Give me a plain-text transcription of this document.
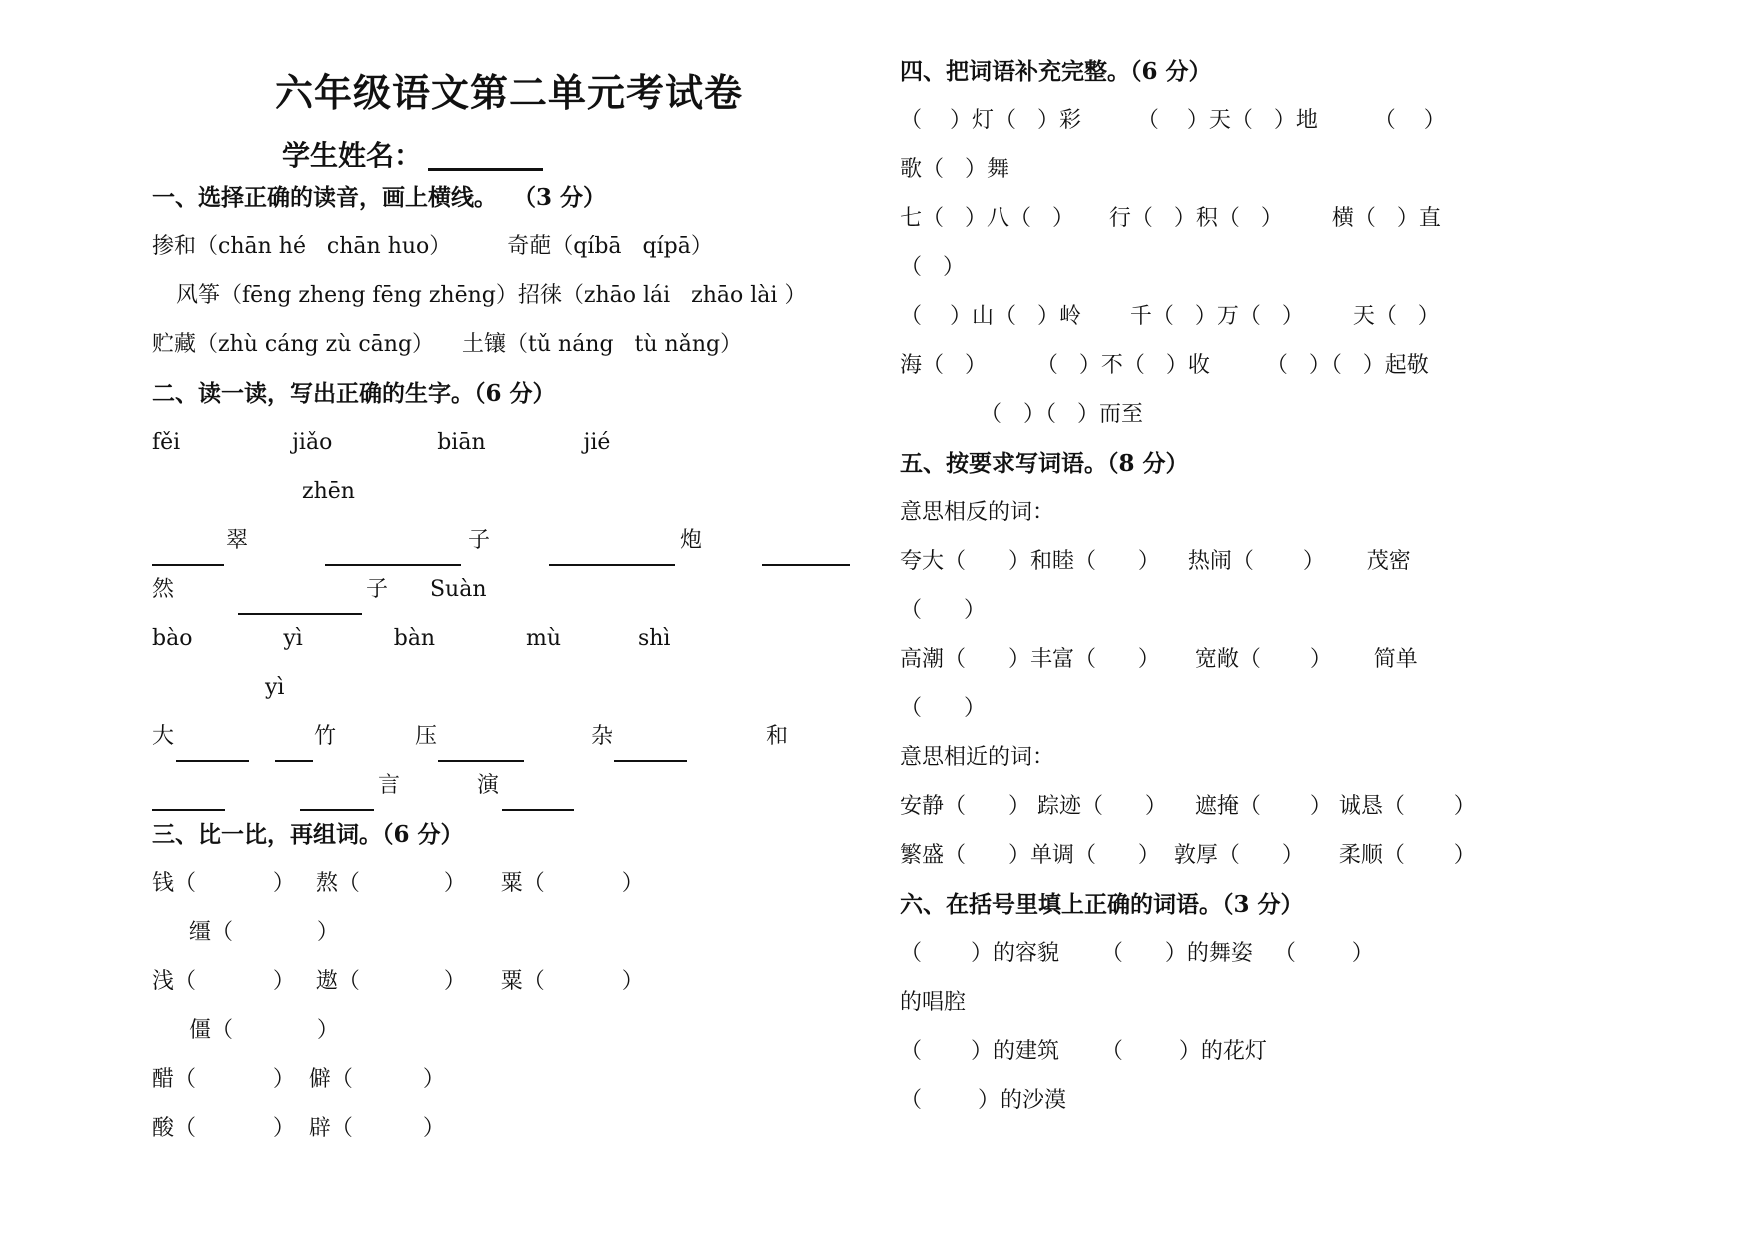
六年级语文第二单元考试卷
学生姓名：
一、选择正确的读音，画上横线。  （3 分）
掺和（chān hé   chān huo）        奇葩（qíbā   qípā）
风筝（fēng zheng fēng zhēng）招徕（zhāo lái   zhāo lài ）
贮藏（zhù cáng zù cāng）    土镶（tǔ náng   tù nǎng）
二、读一读，写出正确的生字。（6 分）
fěi                jiǎo               biān              jié
zhēn
翠	子	炮
然	子      Suàn
bào             yì             bàn             mù           shì
yì
大	竹	压	杂	和
言	演
三、比一比，再组词。（6 分）
钱（           ）   熬（            ）     粟（           ）
缰（            ）
浅（           ）   遨（            ）     粟（           ）
僵（            ）
醋（           ）  僻（          ）
酸（           ）  辟（          ）
四、把词语补充完整。（6 分）
（    ）灯（   ）彩        （    ）天（   ）地        （    ）
歌（   ）舞
七（   ）八（   ）     行（   ）积（   ）       横（   ）直
（   ）
（    ）山（   ）岭       千（   ）万（   ）       天（   ）
海（   ）       （   ）不（   ）收        （   ）（   ）起敬
（   ）（   ）而至
五、按要求写词语。（8 分）
意思相反的词：
夸大（      ）和睦（      ）    热闹（       ）      茂密
（      ）
高潮（      ）丰富（      ）     宽敞（       ）      简单
（      ）
意思相近的词：
安静（      ） 踪迹（      ）    遮掩（       ） 诚恳（       ）
繁盛（      ）单调（      ）  敦厚（      ）     柔顺（       ）
六、在括号里填上正确的词语。（3 分）
（       ）的容貌      （      ）的舞姿   （        ）
的唱腔
（       ）的建筑      （        ）的花灯
（        ）的沙漠
